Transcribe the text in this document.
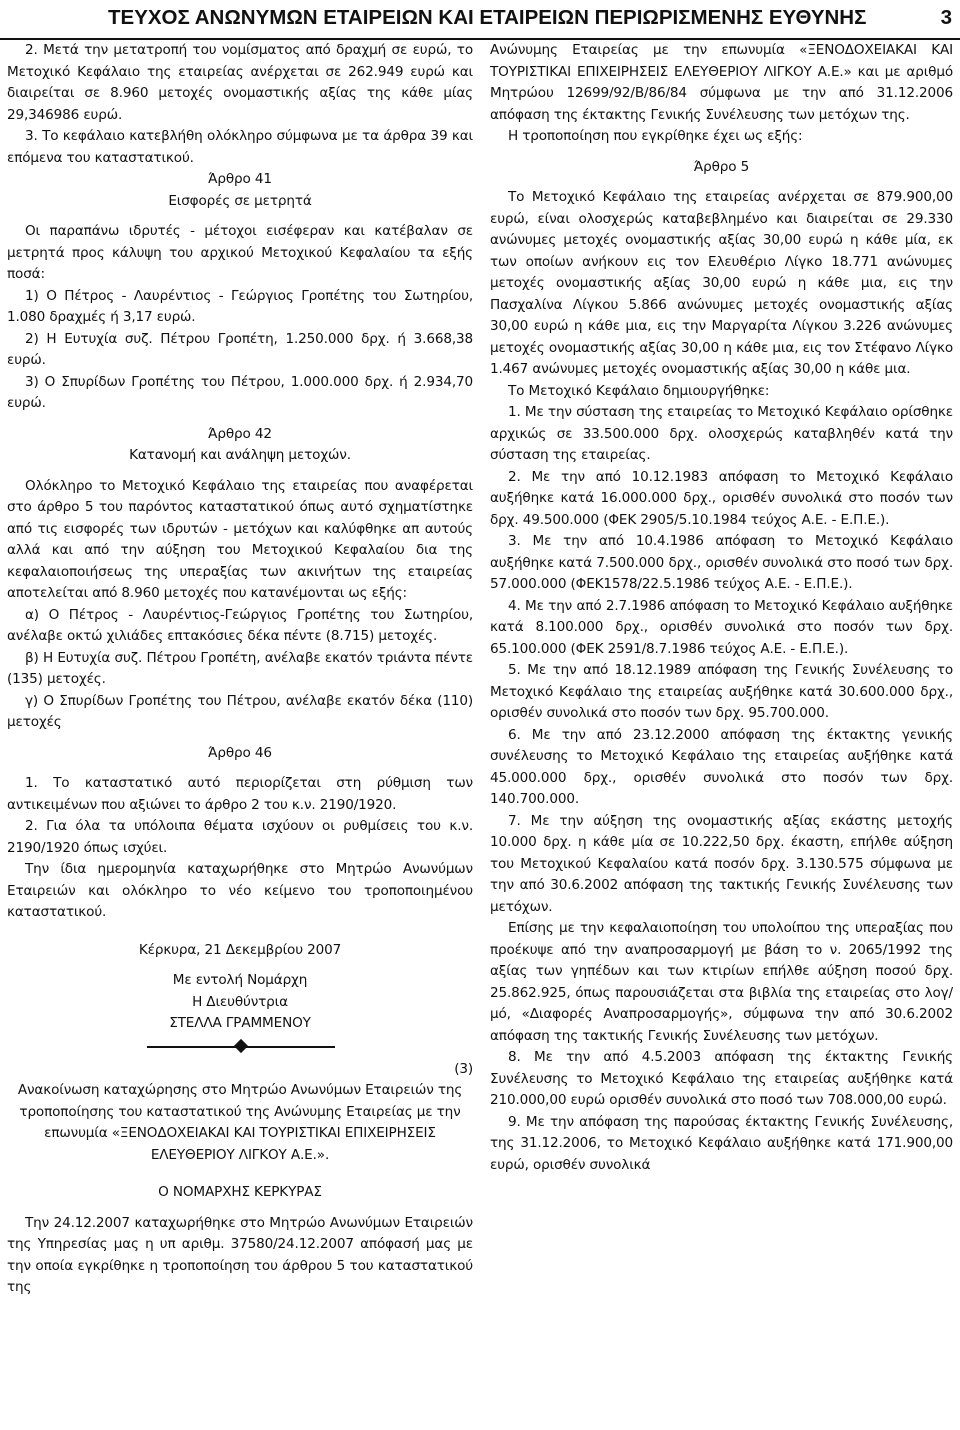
ΤΕΥΧΟΣ ΑΝΩΝΥΜΩΝ ΕΤΑΙΡΕΙΩΝ ΚΑΙ ΕΤΑΙΡΕΙΩΝ ΠΕΡΙΩΡΙΣΜΕΝΗΣ ΕΥΘΥΝΗΣ	3

2. Μετά την μετατροπή του νομίσματος από δραχμή σε ευρώ, το Μετοχικό Κεφάλαιο της εταιρείας ανέρχεται σε 262.949 ευρώ και διαιρείται σε 8.960 μετοχές ονομαστικής αξίας της κάθε μίας 29,346986 ευρώ.

3. Το κεφάλαιο κατεβλήθη ολόκληρο σύμφωνα με τα άρθρα 39 και επόμενα του καταστατικού.

Άρθρο 41

Εισφορές σε μετρητά

Οι παραπάνω ιδρυτές - μέτοχοι εισέφεραν και κατέβαλαν σε μετρητά προς κάλυψη του αρχικού Μετοχικού Κεφαλαίου τα εξής ποσά:

1) Ο Πέτρος - Λαυρέντιος - Γεώργιος Γροπέτης του Σωτηρίου, 1.080 δραχμές ή 3,17 ευρώ.

2) Η Ευτυχία συζ. Πέτρου Γροπέτη, 1.250.000 δρχ. ή 3.668,38 ευρώ.

3) Ο Σπυρίδων Γροπέτης του Πέτρου, 1.000.000 δρχ. ή 2.934,70 ευρώ.

Άρθρο 42

Κατανομή και ανάληψη μετοχών.

Ολόκληρο το Μετοχικό Κεφάλαιο της εταιρείας που αναφέρεται στο άρθρο 5 του παρόντος καταστατικού όπως αυτό σχηματίστηκε από τις εισφορές των ιδρυτών - μετόχων και καλύφθηκε απ αυτούς αλλά και από την αύξηση του Μετοχικού Κεφαλαίου δια της κεφαλαιοποιήσεως της υπεραξίας των ακινήτων της εταιρείας αποτελείται από 8.960 μετοχές που κατανέμονται ως εξής:

α) Ο Πέτρος - Λαυρέντιος-Γεώργιος Γροπέτης του Σωτηρίου, ανέλαβε οκτώ χιλιάδες επτακόσιες δέκα πέντε (8.715) μετοχές.

β) Η Ευτυχία συζ. Πέτρου Γροπέτη, ανέλαβε εκατόν τριάντα πέντε (135) μετοχές.

γ) Ο Σπυρίδων Γροπέτης του Πέτρου, ανέλαβε εκατόν δέκα (110) μετοχές

Άρθρο 46

1. Το καταστατικό αυτό περιορίζεται στη ρύθμιση των αντικειμένων που αξιώνει το άρθρο 2 του κ.ν. 2190/1920.

2. Για όλα τα υπόλοιπα θέματα ισχύουν οι ρυθμίσεις του κ.ν. 2190/1920 όπως ισχύει.

Την ίδια ημερομηνία καταχωρήθηκε στο Μητρώο Ανωνύμων Εταιρειών και ολόκληρο το νέο κείμενο του τροποποιημένου καταστατικού.

Κέρκυρα, 21 Δεκεμβρίου 2007

Με εντολή Νομάρχη

Η Διευθύντρια

ΣΤΕΛΛΑ ΓΡΑΜΜΕΝΟΥ

(3)

Ανακοίνωση καταχώρησης στο Μητρώο Ανωνύμων Εταιρειών της τροποποίησης του καταστατικού της Ανώνυμης Εταιρείας με την επωνυμία «ΞΕΝΟΔΟΧΕΙΑΚΑΙ ΚΑΙ ΤΟΥΡΙΣΤΙΚΑΙ ΕΠΙΧΕΙΡΗΣΕΙΣ ΕΛΕΥΘΕΡΙΟΥ ΛΙΓΚΟΥ Α.Ε.».

Ο ΝΟΜΑΡΧΗΣ ΚΕΡΚΥΡΑΣ

Την 24.12.2007 καταχωρήθηκε στο Μητρώο Ανωνύμων Εταιρειών της Υπηρεσίας μας η υπ αριθμ. 37580/24.12.2007 απόφασή μας με την οποία εγκρίθηκε η τροποποίηση του άρθρου 5 του καταστατικού της

Ανώνυμης Εταιρείας με την επωνυμία «ΞΕΝΟΔΟΧΕΙΑΚΑΙ ΚΑΙ ΤΟΥΡΙΣΤΙΚΑΙ ΕΠΙΧΕΙΡΗΣΕΙΣ ΕΛΕΥΘΕΡΙΟΥ ΛΙΓΚΟΥ Α.Ε.» και με αριθμό Μητρώου 12699/92/Β/86/84 σύμφωνα με την από 31.12.2006 απόφαση της έκτακτης Γενικής Συνέλευσης των μετόχων της.

Η τροποποίηση που εγκρίθηκε έχει ως εξής:

Άρθρο 5

Το Μετοχικό Κεφάλαιο της εταιρείας ανέρχεται σε 879.900,00 ευρώ, είναι ολοσχερώς καταβεβλημένο και διαιρείται σε 29.330 ανώνυμες μετοχές ονομαστικής αξίας 30,00 ευρώ η κάθε μία, εκ των οποίων ανήκουν εις τον Ελευθέριο Λίγκο 18.771 ανώνυμες μετοχές ονομαστικής αξίας 30,00 ευρώ η κάθε μια, εις την Πασχαλίνα Λίγκου 5.866 ανώνυμες μετοχές ονομαστικής αξίας 30,00 ευρώ η κάθε μια, εις την Μαργαρίτα Λίγκου 3.226 ανώνυμες μετοχές ονομαστικής αξίας 30,00 η κάθε μια, εις τον Στέφανο Λίγκο 1.467 ανώνυμες μετοχές ονομαστικής αξίας 30,00 η κάθε μια.

Το Μετοχικό Κεφάλαιο δημιουργήθηκε:

1. Με την σύσταση της εταιρείας το Μετοχικό Κεφάλαιο ορίσθηκε αρχικώς σε 33.500.000 δρχ. ολοσχερώς καταβληθέν κατά την σύσταση της εταιρείας.

2. Με την από 10.12.1983 απόφαση το Μετοχικό Κεφάλαιο αυξήθηκε κατά 16.000.000 δρχ., ορισθέν συνολικά στο ποσόν των δρχ. 49.500.000 (ΦΕΚ 2905/5.10.1984 τεύχος Α.Ε. - Ε.Π.Ε.).

3. Με την από 10.4.1986 απόφαση το Μετοχικό Κεφάλαιο αυξήθηκε κατά 7.500.000 δρχ., ορισθέν συνολικά στο ποσό των δρχ. 57.000.000 (ΦΕΚ1578/22.5.1986 τεύχος Α.Ε. - Ε.Π.Ε.).

4. Με την από 2.7.1986 απόφαση το Μετοχικό Κεφάλαιο αυξήθηκε κατά 8.100.000 δρχ., ορισθέν συνολικά στο ποσόν των δρχ. 65.100.000 (ΦΕΚ 2591/8.7.1986 τεύχος Α.Ε. - Ε.Π.Ε.).

5. Με την από 18.12.1989 απόφαση της Γενικής Συνέλευσης το Μετοχικό Κεφάλαιο της εταιρείας αυξήθηκε κατά 30.600.000 δρχ., ορισθέν συνολικά στο ποσόν των δρχ. 95.700.000.

6. Με την από 23.12.2000 απόφαση της έκτακτης γενικής συνέλευσης το Μετοχικό Κεφάλαιο της εταιρείας αυξήθηκε κατά 45.000.000 δρχ., ορισθέν συνολικά στο ποσόν των δρχ. 140.700.000.

7. Με την αύξηση της ονομαστικής αξίας εκάστης μετοχής 10.000 δρχ. η κάθε μία σε 10.222,50 δρχ. έκαστη, επήλθε αύξηση του Μετοχικού Κεφαλαίου κατά ποσόν δρχ. 3.130.575 σύμφωνα με την από 30.6.2002 απόφαση της τακτικής Γενικής Συνέλευσης των μετόχων.

Επίσης με την κεφαλαιοποίηση του υπολοίπου της υπεραξίας που προέκυψε από την αναπροσαρμογή με βάση το ν. 2065/1992 της αξίας των γηπέδων και των κτιρίων επήλθε αύξηση ποσού δρχ. 25.862.925, όπως παρουσιάζεται στα βιβλία της εταιρείας στο λογ/μό, «Διαφορές Αναπροσαρμογής», σύμφωνα την από 30.6.2002 απόφαση της τακτικής Γενικής Συνέλευσης των μετόχων.

8. Με την από 4.5.2003 απόφαση της έκτακτης Γενικής Συνέλευσης το Μετοχικό Κεφάλαιο της εταιρείας αυξήθηκε κατά 210.000,00 ευρώ ορισθέν συνολικά στο ποσό των 708.000,00 ευρώ.

9. Με την απόφαση της παρούσας έκτακτης Γενικής Συνέλευσης, της 31.12.2006, το Μετοχικό Κεφάλαιο αυξήθηκε κατά 171.900,00 ευρώ, ορισθέν συνολικά
